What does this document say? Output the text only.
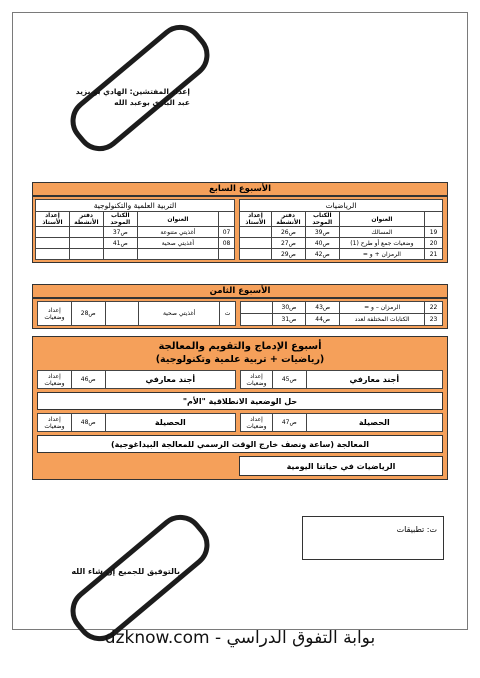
إعداد المفتشين: الهادي بو بزيد
عبد الباري بوعبد الله
الأسبوع السابع
الرياضيات
	العنوان	الكتاب الموحد	دفتر الأنشطة	إعداد الأستاذ
19	المسالك	ص39	ص26	
20	وضعيات جمع أو طرح (1)	ص40	ص27	
21	الرمزان + و =	ص42	ص29	
التربية العلمية والتكنولوجية
	العنوان	الكتاب الموحد	دفتر الأنشطة	إعداد الأستاذ
07	أغذيتي متنوعة	ص37		
08	أغذيتي صحية	ص41		

الأسبوع الثامن
22	الرمزان – و =	ص43	ص30	
23	الكتابات المختلفة لعدد	ص44	ص31	
ت	أغذيتي صحية		ص28	إعداد وضعيات
أسبوع الإدماج والتقويم والمعالجة
(رياضيات + تربية علمية وتكنولوجية)
أجند معارفي	ص45	إعداد وضعيات
أجند معارفي	ص46	إعداد وضعيات
حل الوضعية الانطلاقية "الأم"
الحصيلة	ص47	إعداد وضعيات
الحصيلة	ص48	إعداد وضعيات
المعالجة (ساعة ونصف خارج الوقت الرسمي للمعالجة البيداغوجية)
الرياضيات في حياتنا اليومية
ت: تطبيقات
بالتوفيق للجميع إن شاء الله
dzknow.com - بوابة التفوق الدراسي
